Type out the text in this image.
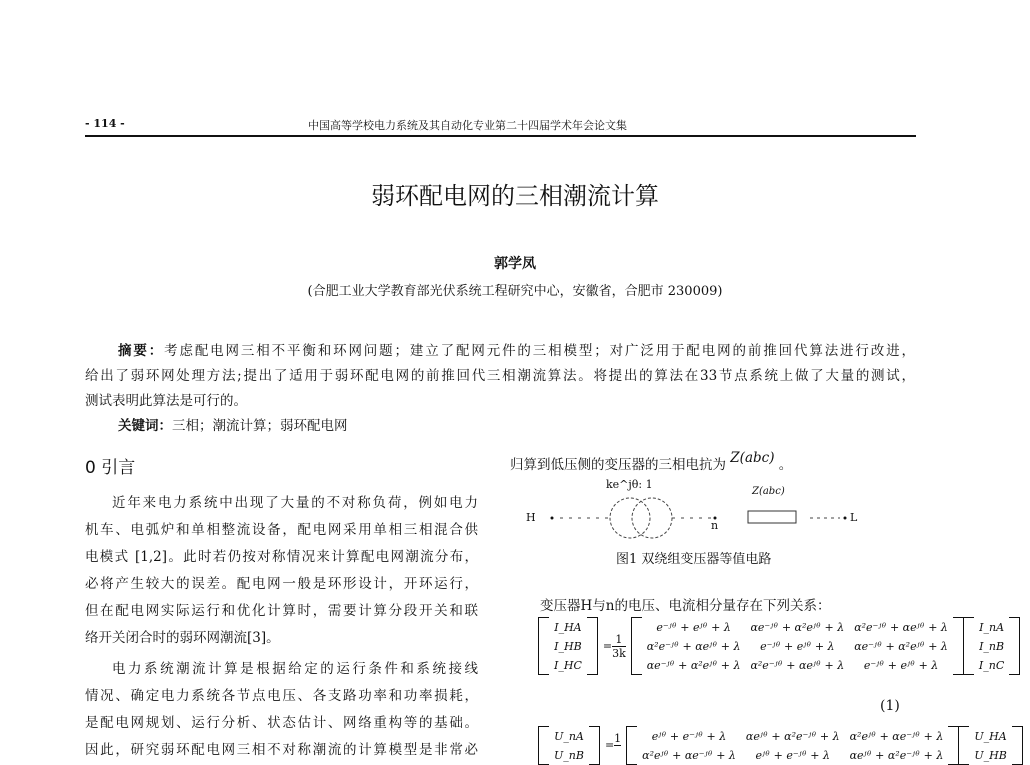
- 114 -	中国高等学校电力系统及其自动化专业第二十四届学术年会论文集
弱环配电网的三相潮流计算
郭学凤
(合肥工业大学教育部光伏系统工程研究中心，安徽省，合肥市 230009)
摘要：考虑配电网三相不平衡和环网问题；建立了配网元件的三相模型；对广泛用于配电网的前推回代算法进行改进，
给出了弱环网处理方法;提出了适用于弱环配电网的前推回代三相潮流算法。将提出的算法在33节点系统上做了大量的测试，
测试表明此算法是可行的。
关键词：三相；潮流计算；弱环配电网
0 引言
近年来电力系统中出现了大量的不对称负荷，例如电力
机车、电弧炉和单相整流设备，配电网采用单相三相混合供
电模式 [1,2]。此时若仍按对称情况来计算配电网潮流分布，
必将产生较大的误差。配电网一般是环形设计，开环运行，
但在配电网实际运行和优化计算时，需要计算分段开关和联
络开关闭合时的弱环网潮流[3]。
电力系统潮流计算是根据给定的运行条件和系统接线
情况、确定电力系统各节点电压、各支路功率和功率损耗，
是配电网规划、运行分析、状态估计、网络重构等的基础。
因此，研究弱环配电网三相不对称潮流的计算模型是非常必
归算到低压侧的变压器的三相电抗为 Z(abc) 。
H
n
L
ke^jθ: 1
Z(abc)
图1 双绕组变压器等值电路
变压器H与n的电压、电流相分量存在下列关系：
	I_HA		= $\frac{1}{3k}$		e⁻ʲᶿ + eʲᶿ + λ	αe⁻ʲᶿ + α²eʲᶿ + λ	α²e⁻ʲᶿ + αeʲᶿ + λ			I_nA	
	I_HB				α²e⁻ʲᶿ + αeʲᶿ + λ	e⁻ʲᶿ + eʲᶿ + λ	αe⁻ʲᶿ + α²eʲᶿ + λ			I_nB	
	I_HC				αe⁻ʲᶿ + α²eʲᶿ + λ	α²e⁻ʲᶿ + αeʲᶿ + λ	e⁻ʲᶿ + eʲᶿ + λ			I_nC	
(1)
	U_nA		= 1		eʲᶿ + e⁻ʲᶿ + λ	αeʲᶿ + α²e⁻ʲᶿ + λ	α²eʲᶿ + αe⁻ʲᶿ + λ			U_HA	
	U_nB				α²eʲᶿ + αe⁻ʲᶿ + λ	eʲᶿ + e⁻ʲᶿ + λ	αeʲᶿ + α²e⁻ʲᶿ + λ			U_HB	
